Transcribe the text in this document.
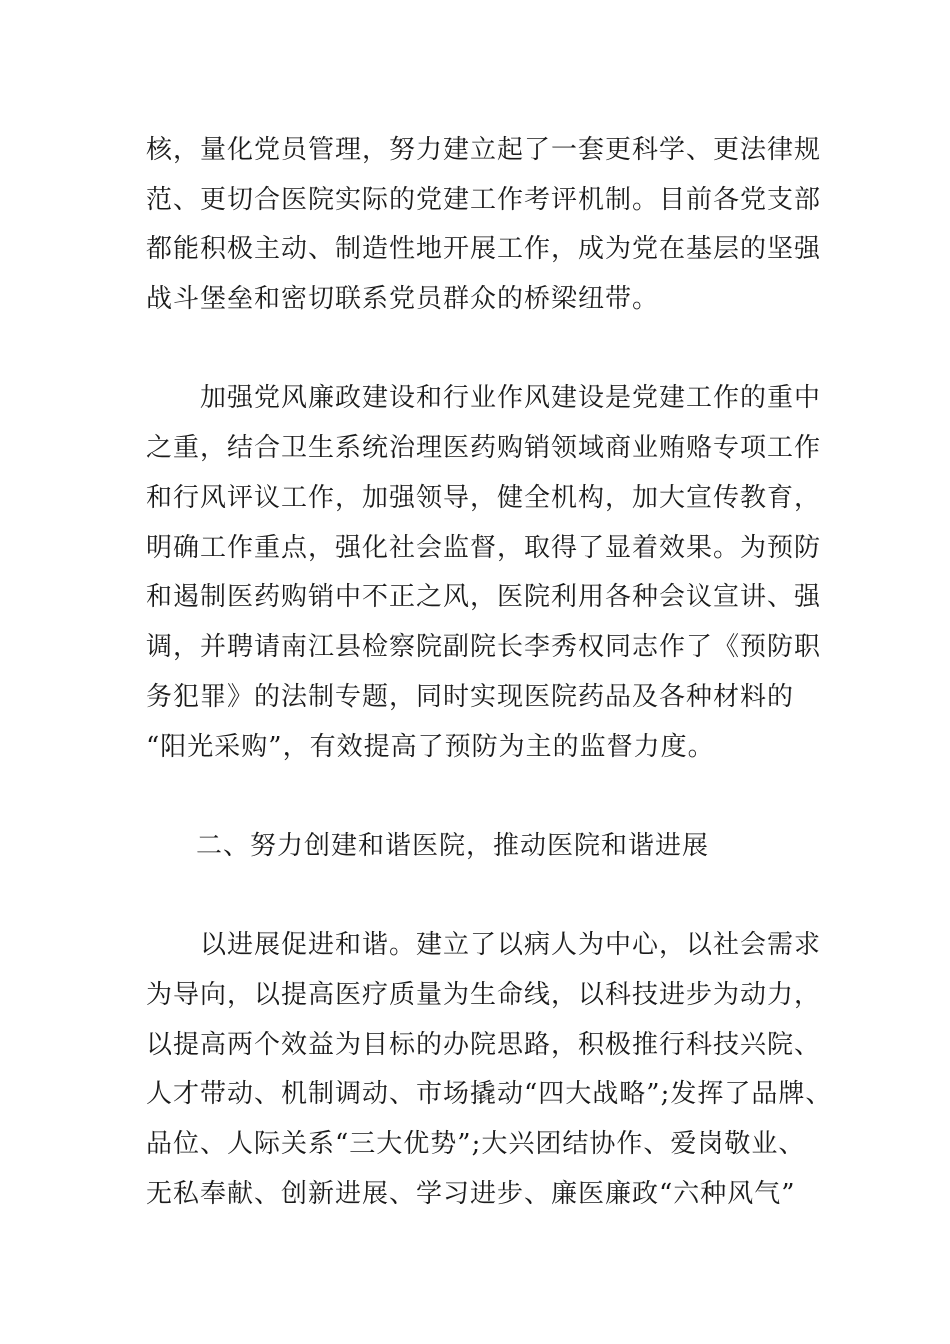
核，量化党员管理，努力建立起了一套更科学、更法律规
范、更切合医院实际的党建工作考评机制。目前各党支部
都能积极主动、制造性地开展工作，成为党在基层的坚强
战斗堡垒和密切联系党员群众的桥梁纽带。
加强党风廉政建设和行业作风建设是党建工作的重中
之重，结合卫生系统治理医药购销领域商业贿赂专项工作
和行风评议工作，加强领导，健全机构，加大宣传教育，
明确工作重点，强化社会监督，取得了显着效果。为预防
和遏制医药购销中不正之风，医院利用各种会议宣讲、强
调，并聘请南江县检察院副院长李秀权同志作了《预防职
务犯罪》的法制专题，同时实现医院药品及各种材料的
“阳光采购”，有效提高了预防为主的监督力度。
二、努力创建和谐医院，推动医院和谐进展
以进展促进和谐。建立了以病人为中心，以社会需求
为导向，以提高医疗质量为生命线，以科技进步为动力，
以提高两个效益为目标的办院思路，积极推行科技兴院、
人才带动、机制调动、市场撬动“四大战略”;发挥了品牌、
品位、人际关系“三大优势”;大兴团结协作、爱岗敬业、
无私奉献、创新进展、学习进步、廉医廉政“六种风气”
